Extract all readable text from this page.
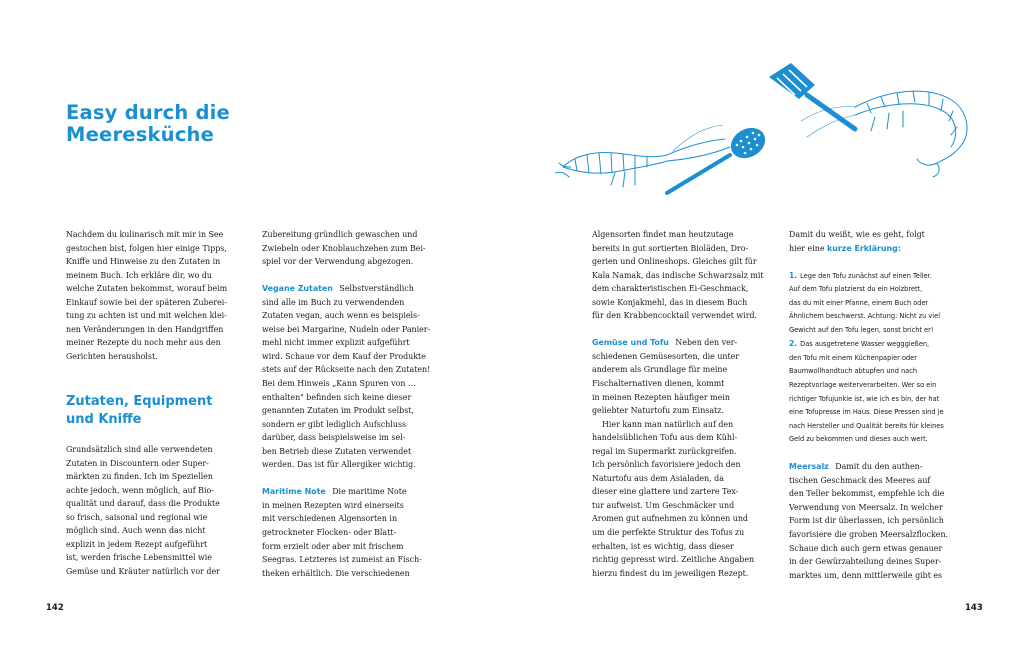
Easy durch die
Meeresküche

Nachdem du kulinarisch mit mir in See

gestochen bist, folgen hier einige Tipps,

Kniffe und Hinweise zu den Zutaten in

meinem Buch. Ich erkläre dir, wo du

welche Zutaten bekommst, worauf beim

Einkauf sowie bei der späteren Zuberei-

tung zu achten ist und mit welchen klei-

nen Veränderungen in den Handgriffen

meiner Rezepte du noch mehr aus den

Gerichten herausholst.

Zutaten, Equipment
und Kniffe

Grundsätzlich sind alle verwendeten

Zutaten in Discountern oder Super-

märkten zu finden. Ich im Speziellen

achte jedoch, wenn möglich, auf Bio-

qualität und darauf, dass die Produkte

so frisch, saisonal und regional wie

möglich sind. Auch wenn das nicht

explizit in jedem Rezept aufgeführt

ist, werden frische Lebensmittel wie

Gemüse und Kräuter natürlich vor der

Zubereitung gründlich gewaschen und

Zwiebeln oder Knoblauchzehen zum Bei-

spiel vor der Verwendung abgezogen.

Vegane Zutaten Selbstverständlich

sind alle im Buch zu verwendenden

Zutaten vegan, auch wenn es beispiels-

weise bei Margarine, Nudeln oder Panier-

mehl nicht immer explizit aufgeführt

wird. Schaue vor dem Kauf der Produkte

stets auf der Rückseite nach den Zutaten!

Bei dem Hinweis „Kann Spuren von …

enthalten" befinden sich keine dieser

genannten Zutaten im Produkt selbst,

sondern er gibt lediglich Aufschluss

darüber, dass beispielsweise im sel-

ben Betrieb diese Zutaten verwendet

werden. Das ist für Allergiker wichtig.

Maritime Note Die maritime Note

in meinen Rezepten wird einerseits

mit verschiedenen Algensorten in

getrockneter Flocken- oder Blatt-

form erzielt oder aber mit frischem

Seegras. Letzteres ist zumeist an Fisch-

theken erhältlich. Die verschiedenen

Algensorten findet man heutzutage

bereits in gut sortierten Bioläden, Dro-

gerien und Onlineshops. Gleiches gilt für

Kala Namak, das indische Schwarzsalz mit

dem charakteristischen Ei-Geschmack,

sowie Konjakmehl, das in diesem Buch

für den Krabbencocktail verwendet wird.

Gemüse und Tofu Neben den ver-

schiedenen Gemüsesorten, die unter

anderem als Grundlage für meine

Fischalternativen dienen, kommt

in meinen Rezepten häufiger mein

geliebter Naturtofu zum Einsatz.

Hier kann man natürlich auf den

handelsüblichen Tofu aus dem Kühl-

regal im Supermarkt zurückgreifen.

Ich persönlich favorisiere jedoch den

Naturtofu aus dem Asialaden, da

dieser eine glattere und zartere Tex-

tur aufweist. Um Geschmäcker und

Aromen gut aufnehmen zu können und

um die perfekte Struktur des Tofus zu

erhalten, ist es wichtig, dass dieser

richtig gepresst wird. Zeitliche Angaben

hierzu findest du im jeweiligen Rezept.

Damit du weißt, wie es geht, folgt

hier eine kurze Erklärung:

1. Lege den Tofu zunächst auf einen Teller.

Auf dem Tofu platzierst du ein Holzbrett,

das du mit einer Pfanne, einem Buch oder

Ähnlichem beschwerst. Achtung: Nicht zu viel

Gewicht auf den Tofu legen, sonst bricht er!

2. Das ausgetretene Wasser wegggießen,

den Tofu mit einem Küchenpapier oder

Baumwollhandtuch abtupfen und nach

Rezeptvorlage weiterverarbeiten. Wer so ein

richtiger Tofujunkie ist, wie ich es bin, der hat

eine Tofupresse im Haus. Diese Pressen sind je

nach Hersteller und Qualität bereits für kleines

Geld zu bekommen und dieses auch wert.

Meersalz Damit du den authen-

tischen Geschmack des Meeres auf

den Teller bekommst, empfehle ich die

Verwendung von Meersalz. In welcher

Form ist dir überlassen, ich persönlich

favorisiere die groben Meersalzflocken.

Schaue dich auch gern etwas genauer

in der Gewürzabteilung deines Super-

marktes um, denn mittlerweile gibt es

142	143
